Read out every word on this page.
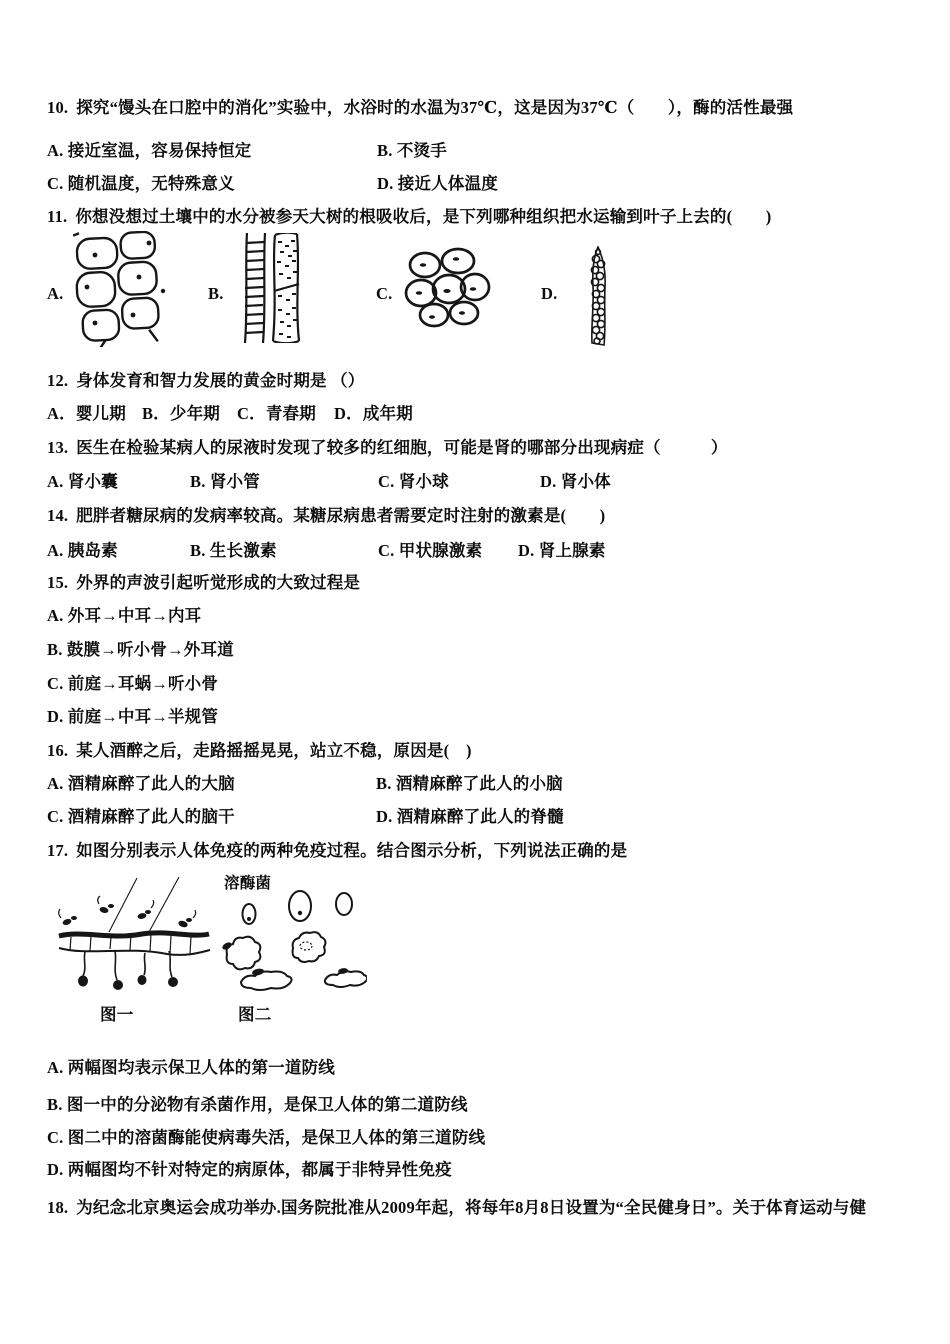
10. 探究“馒头在口腔中的消化”实验中，水浴时的水温为37℃，这是因为37℃（　　），酶的活性最强
A. 接近室温，容易保持恒定	B. 不烫手
C. 随机温度，无特殊意义	D. 接近人体温度
11. 你想没想过土壤中的水分被参天大树的根吸收后，是下列哪种组织把水运输到叶子上去的(　　)
A.	B.	C.	D.
12. 身体发育和智力发展的黄金时期是 （）
A．婴儿期 B．少年期 C．青春期 D．成年期
13. 医生在检验某病人的尿液时发现了较多的红细胞，可能是肾的哪部分出现病症（　　　）
A. 肾小囊	B. 肾小管	C. 肾小球	D. 肾小体
14. 肥胖者糖尿病的发病率较高。某糖尿病患者需要定时注射的激素是(　　)
A. 胰岛素	B. 生长激素	C. 甲状腺激素 D. 肾上腺素
15. 外界的声波引起听觉形成的大致过程是
A. 外耳→中耳→内耳
B. 鼓膜→听小骨→外耳道
C. 前庭→耳蜗→听小骨
D. 前庭→中耳→半规管
16. 某人酒醉之后，走路摇摇晃晃，站立不稳，原因是(　)
A. 酒精麻醉了此人的大脑	B. 酒精麻醉了此人的小脑
C. 酒精麻醉了此人的脑干	D. 酒精麻醉了此人的脊髓
17. 如图分别表示人体免疫的两种免疫过程。结合图示分析，下列说法正确的是
溶酶菌
图一	图二
A. 两幅图均表示保卫人体的第一道防线
B. 图一中的分泌物有杀菌作用，是保卫人体的第二道防线
C. 图二中的溶菌酶能使病毒失活，是保卫人体的第三道防线
D. 两幅图均不针对特定的病原体，都属于非特异性免疫
18. 为纪念北京奥运会成功举办.国务院批准从2009年起，将每年8月8日设置为“全民健身日”。关于体育运动与健
